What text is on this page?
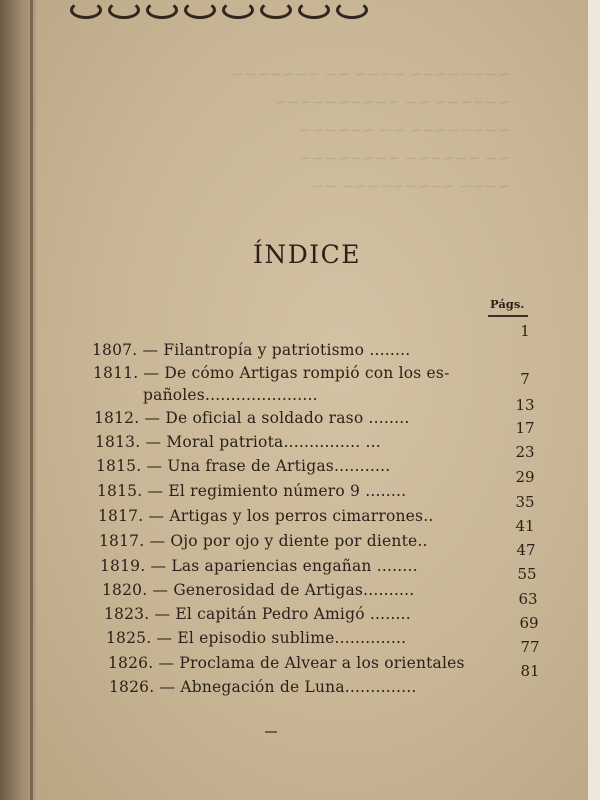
~~~~~~~~ ~~~~ ~~ ~~~~~~~
~~~~~~ ~~ ~~~~~~~~~~
~~~~~~~~ ~~ ~~~~~~
~~ ~~~~~~ ~~~~~~~~
~~~~ ~~~~~~~~~ ~~
ÍNDICE
Págs.
1807. — Filantropía y patriotismo ........
1
1811. — De cómo Artigas rompió con los es-
pañoles......................
7
1812. — De oficial a soldado raso ........
13
1813. — Moral patriota............... ...
17
1815. — Una frase de Artigas...........
23
1815. — El regimiento número 9 ........
29
1817. — Artigas y los perros cimarrones..
35
1817. — Ojo por ojo y diente por diente..
41
1819. — Las apariencias engañan ........
47
1820. — Generosidad de Artigas..........
55
1823. — El capitán Pedro Amigó ........
63
1825. — El episodio sublime..............
69
1826. — Proclama de Alvear a los orientales
77
1826. — Abnegación de Luna..............
81
